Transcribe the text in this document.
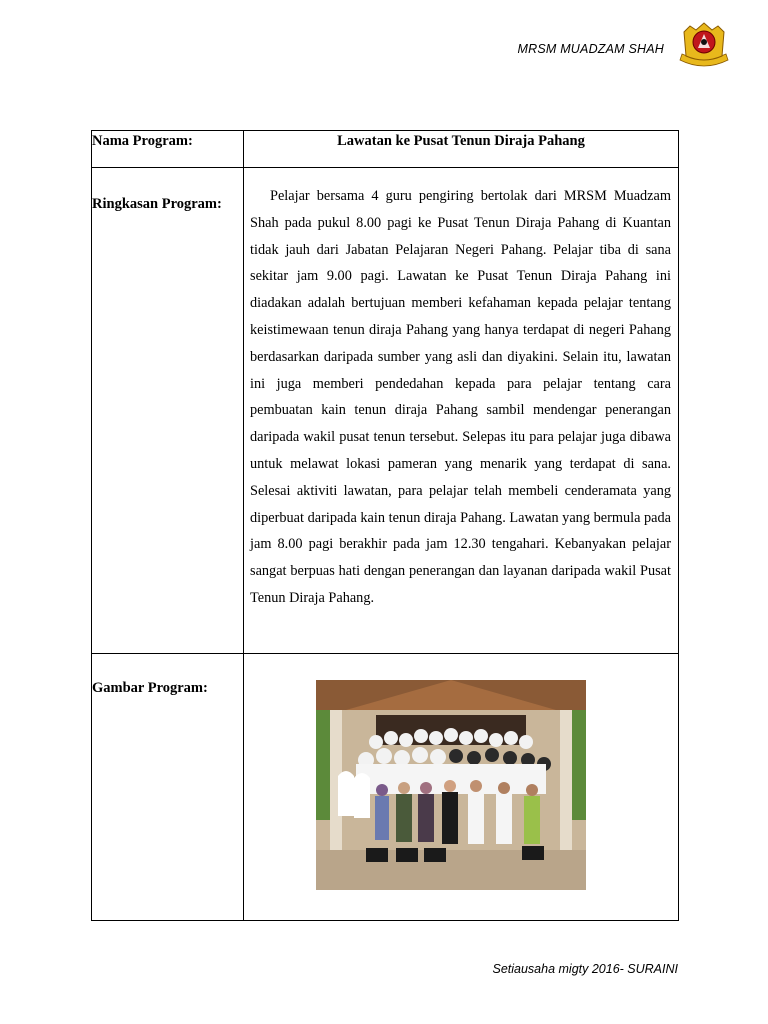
MRSM MUADZAM SHAH
Nama Program:	Lawatan ke Pusat Tenun Diraja Pahang
Ringkasan Program:	Pelajar bersama 4 guru pengiring bertolak dari MRSM Muadzam Shah pada pukul 8.00 pagi ke Pusat Tenun Diraja Pahang di Kuantan tidak jauh dari Jabatan Pelajaran Negeri Pahang. Pelajar tiba di sana sekitar jam 9.00 pagi. Lawatan ke Pusat Tenun Diraja Pahang ini diadakan adalah bertujuan memberi kefahaman kepada pelajar tentang keistimewaan tenun diraja Pahang yang hanya terdapat di negeri Pahang berdasarkan daripada sumber yang asli dan diyakini. Selain itu, lawatan ini juga memberi pendedahan kepada para pelajar tentang cara pembuatan kain tenun diraja Pahang sambil mendengar penerangan daripada wakil pusat tenun tersebut. Selepas itu para pelajar juga dibawa untuk melawat lokasi pameran yang menarik yang terdapat di sana. Selesai aktiviti lawatan, para pelajar telah membeli cenderamata yang diperbuat daripada kain tenun diraja Pahang. Lawatan yang bermula pada jam 8.00 pagi berakhir pada jam 12.30 tengahari. Kebanyakan pelajar sangat berpuas hati dengan penerangan dan layanan daripada wakil Pusat Tenun Diraja Pahang.

Gambar Program:	
Setiausaha migty 2016- SURAINI
